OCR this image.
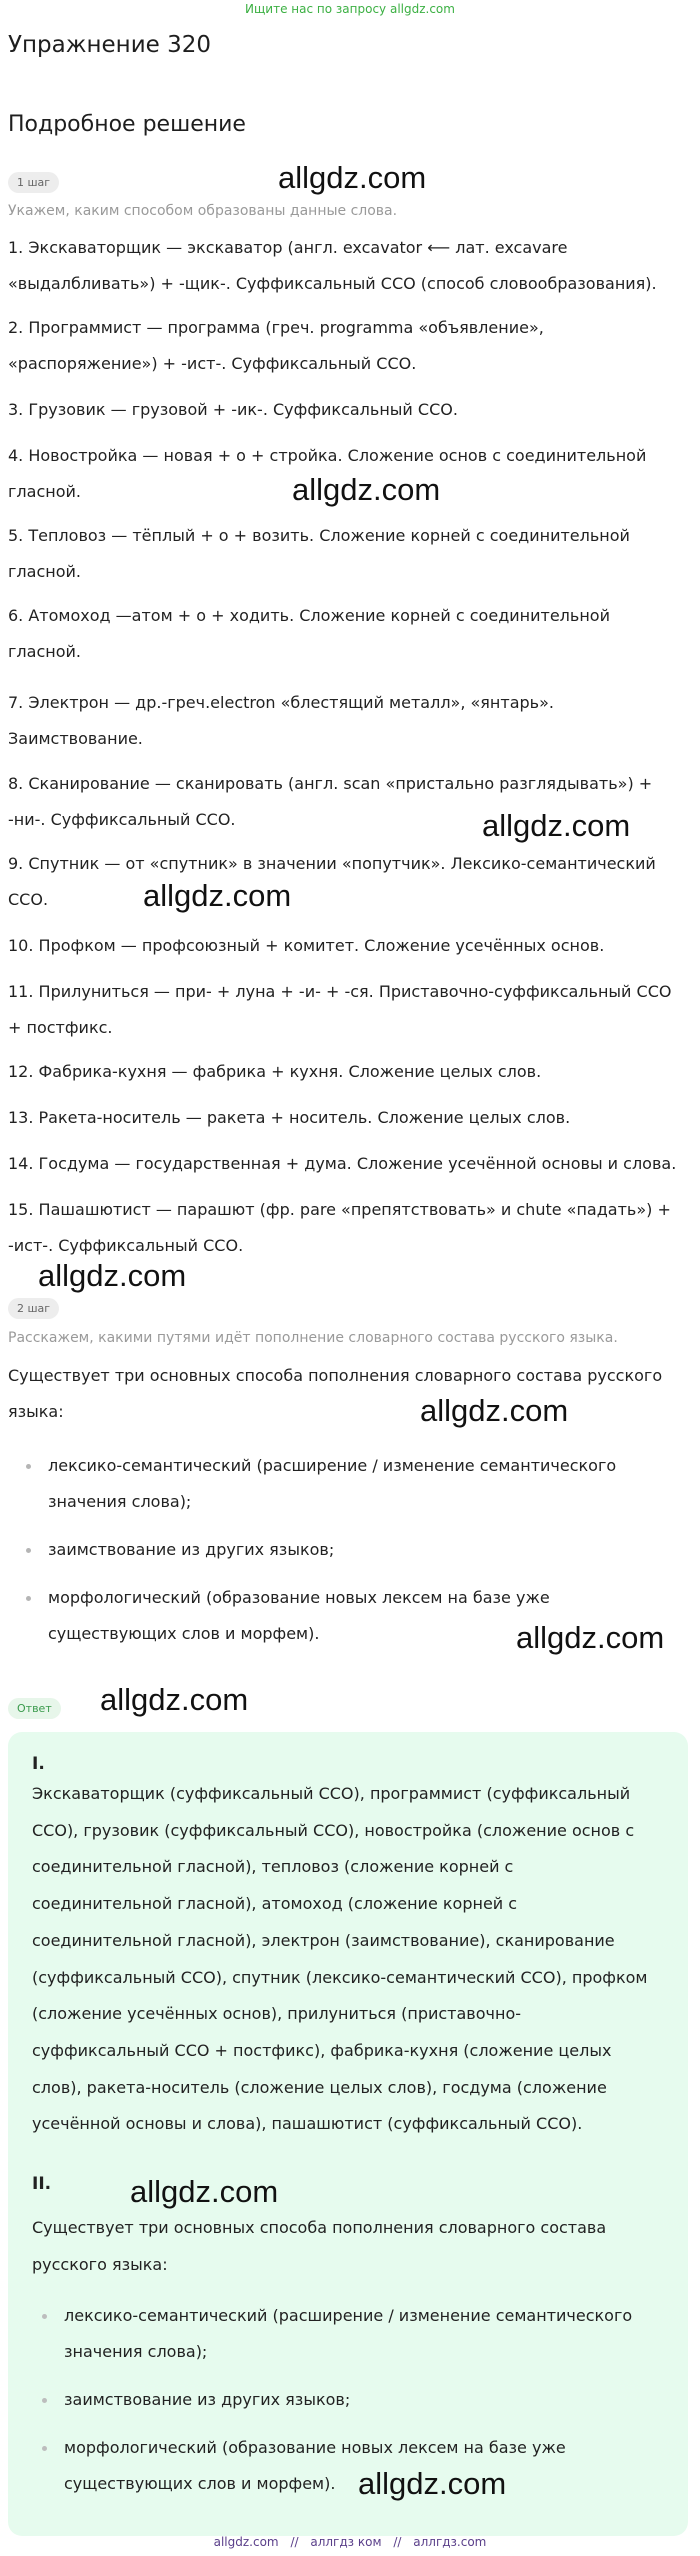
Ищите нас по запросу allgdz.com
Упражнение 320
Подробное решение
1 шаг
Укажем, каким способом образованы данные слова.
1. Экскаваторщик — экскаватор (англ. excavator ⟵ лат. excavare «выдалбливать») + -щик-. Суффиксальный ССО (способ словообразования).
2. Программист — программа (греч. programma «объявление», «распоряжение») + -ист-. Суффиксальный ССО.
3. Грузовик — грузовой + -ик-. Суффиксальный ССО.
4. Новостройка — новая + о + стройка. Сложение основ с соединительной гласной.
5. Тепловоз — тёплый + о + возить. Сложение корней с соединительной гласной.
6. Атомоход —атом + о + ходить. Сложение корней с соединительной гласной.
7. Электрон — др.-греч.electron «блестящий металл», «янтарь». Заимствование.
8. Сканирование — сканировать (англ. scan «пристально разглядывать») + -ни-. Суффиксальный ССО.
9. Спутник — от «спутник» в значении «попутчик». Лексико-семантический ССО.
10. Профком — профсоюзный + комитет. Сложение усечённых основ.
11. Прилуниться — при- + луна + -и- + -ся. Приставочно-суффиксальный ССО + постфикс.
12. Фабрика-кухня — фабрика + кухня. Сложение целых слов.
13. Ракета-носитель — ракета + носитель. Сложение целых слов.
14. Госдума — государственная + дума. Сложение усечённой основы и слова.
15. Пашашютист — парашют (фр. pare «препятствовать» и chute «падать») + -ист-. Суффиксальный ССО.
2 шаг
Расскажем, какими путями идёт пополнение словарного состава русского языка.
Существует три основных способа пополнения словарного состава русского языка:
лексико-семантический (расширение / изменение семантического значения слова);
заимствование из других языков;
морфологический (образование новых лексем на базе уже существующих слов и морфем).
Ответ
I.
Экскаваторщик (суффиксальный ССО), программист (суффиксальный ССО), грузовик (суффиксальный ССО), новостройка (сложение основ с соединительной гласной), тепловоз (сложение корней с соединительной гласной), атомоход (сложение корней с соединительной гласной), электрон (заимствование), сканирование (суффиксальный ССО), спутник (лексико-семантический ССО), профком (сложение усечённых основ), прилуниться (приставочно-суффиксальный ССО + постфикс), фабрика-кухня (сложение целых слов), ракета-носитель (сложение целых слов), госдума (сложение усечённой основы и слова), пашашютист (суффиксальный ССО).
II.
Существует три основных способа пополнения словарного состава русского языка:
лексико-семантический (расширение / изменение семантического значения слова);
заимствование из других языков;
морфологический (образование новых лексем на базе уже существующих слов и морфем).
allgdz.com
allgdz.com
allgdz.com
allgdz.com
allgdz.com
allgdz.com
allgdz.com
allgdz.com
allgdz.com
allgdz.com
allgdz.com // аллгдз ком // аллгдз.com
